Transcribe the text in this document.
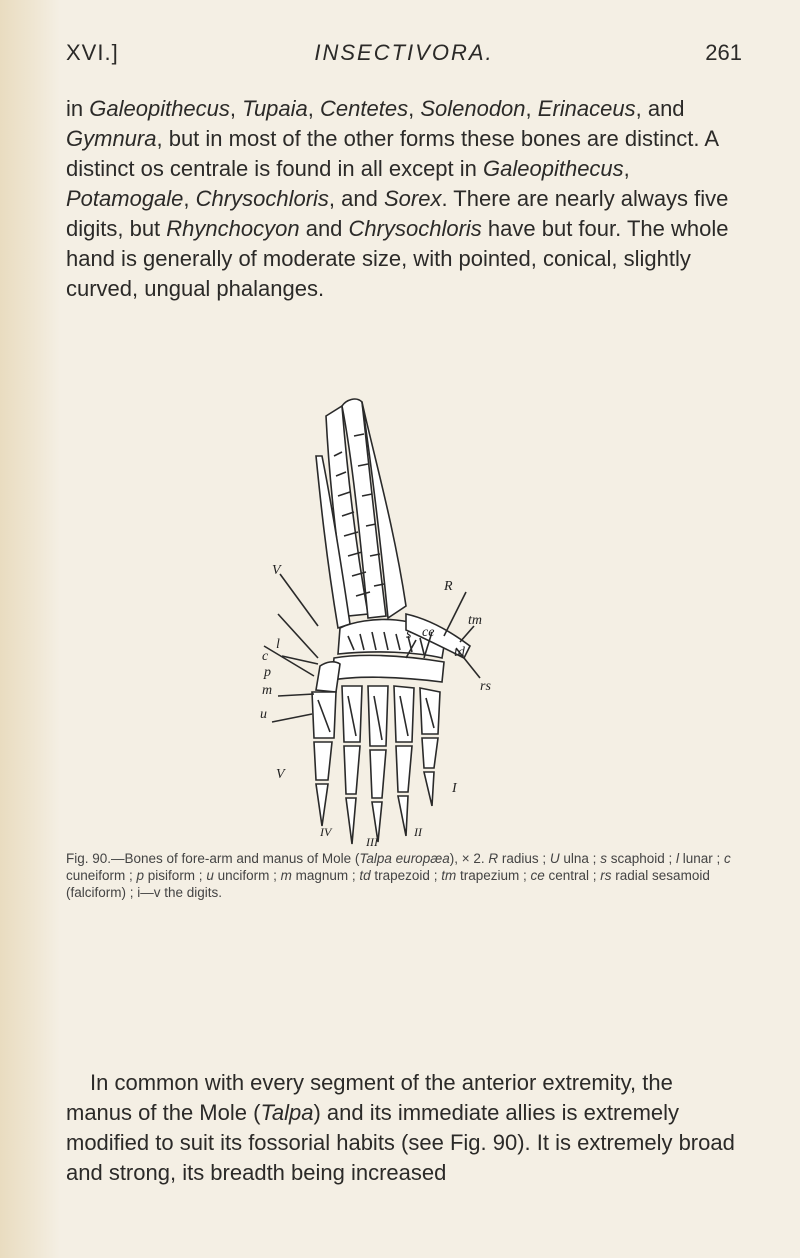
XVI.]	INSECTIVORA.	261

in Galeopithecus, Tupaia, Centetes, Solenodon, Erinaceus, and Gymnura, but in most of the other forms these bones are distinct. A distinct os centrale is found in all except in Galeopithecus, Potamogale, Chrysochloris, and Sorex. There are nearly always five digits, but Rhynchocyon and Chrysochloris have but four. The whole hand is generally of moderate size, with pointed, conical, slightly curved, ungual phalanges.

V
R
s ce
td
tm
l
c
rs
p
m
u
V
I
II
III
IV
Fig. 90.—Bones of fore-arm and manus of Mole (Talpa europæa), × 2. R radius ; U ulna ; s scaphoid ; l lunar ; c cuneiform ; p pisiform ; u unciform ; m magnum ; td trapezoid ; tm trapezium ; ce central ; rs radial sesamoid (falciform) ; i—v the digits.

In common with every segment of the anterior extremity, the manus of the Mole (Talpa) and its immediate allies is extremely modified to suit its fossorial habits (see Fig. 90). It is extremely broad and strong, its breadth being increased
